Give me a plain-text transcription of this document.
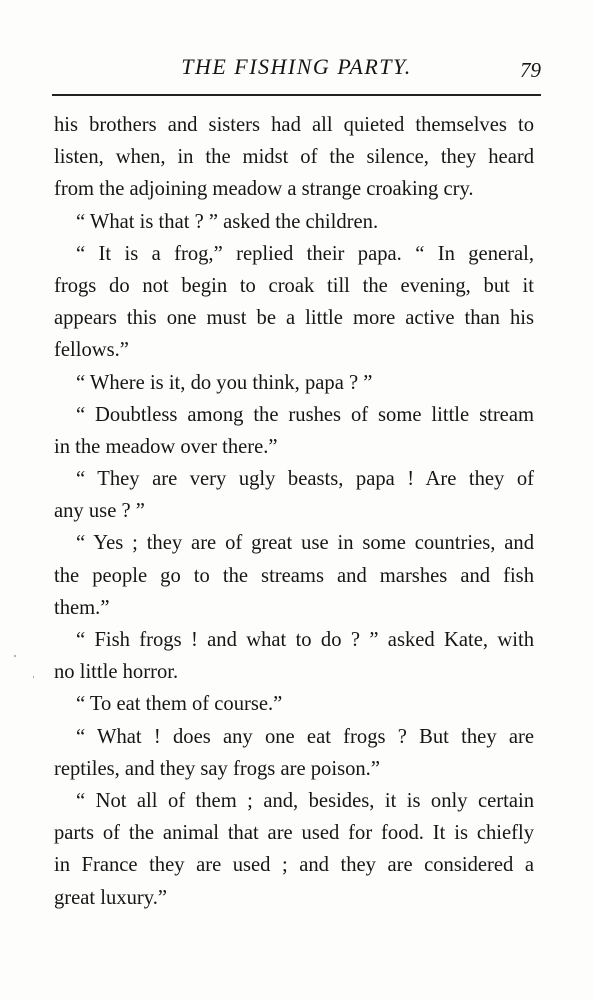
THE FISHING PARTY.	79
his brothers and sisters had all quieted themselves to
listen, when, in the midst of the silence, they heard
from the adjoining meadow a strange croaking cry.
“ What is that ? ” asked the children.
“ It is a frog,” replied their papa. “ In general,
frogs do not begin to croak till the evening, but it
appears this one must be a little more active than his
fellows.”
“ Where is it, do you think, papa ? ”
“ Doubtless among the rushes of some little stream
in the meadow over there.”
“ They are very ugly beasts, papa ! Are they of
any use ? ”
“ Yes ; they are of great use in some countries, and
the people go to the streams and marshes and fish
them.”
“ Fish frogs ! and what to do ? ” asked Kate, with
no little horror.
“ To eat them of course.”
“ What ! does any one eat frogs ? But they are
reptiles, and they say frogs are poison.”
“ Not all of them ; and, besides, it is only certain
parts of the animal that are used for food. It is chiefly
in France they are used ; and they are considered a
great luxury.”
